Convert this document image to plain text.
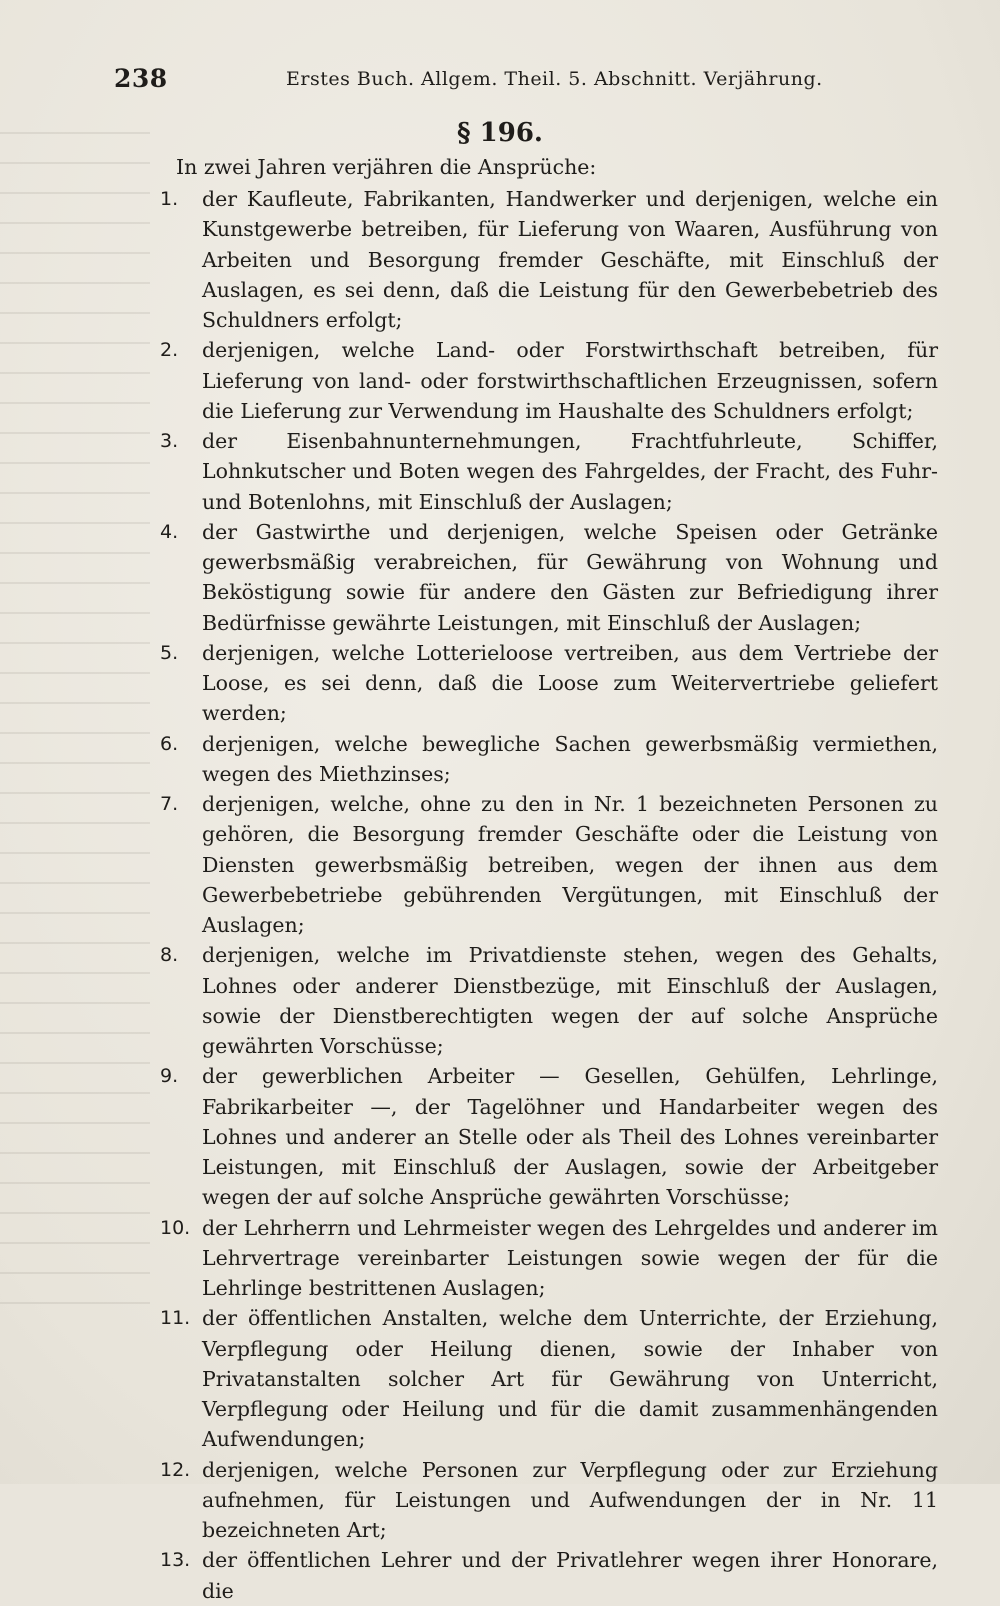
238	Erstes Buch. Allgem. Theil. 5. Abschnitt. Verjährung.
§ 196.
In zwei Jahren verjähren die Ansprüche:
1.	der Kaufleute, Fabrikanten, Handwerker und derjenigen, welche ein Kunstgewerbe betreiben, für Lieferung von Waaren, Ausführung von Arbeiten und Besorgung fremder Geschäfte, mit Einschluß der Auslagen, es sei denn, daß die Leistung für den Gewerbebetrieb des Schuldners erfolgt;
2.	derjenigen, welche Land- oder Forstwirthschaft betreiben, für Lieferung von land- oder forstwirthschaftlichen Erzeugnissen, sofern die Lieferung zur Verwendung im Haushalte des Schuldners erfolgt;
3.	der Eisenbahnunternehmungen, Frachtfuhrleute, Schiffer, Lohnkutscher und Boten wegen des Fahrgeldes, der Fracht, des Fuhr- und Botenlohns, mit Einschluß der Auslagen;
4.	der Gastwirthe und derjenigen, welche Speisen oder Getränke gewerbsmäßig verabreichen, für Gewährung von Wohnung und Beköstigung sowie für andere den Gästen zur Befriedigung ihrer Bedürfnisse gewährte Leistungen, mit Einschluß der Auslagen;
5.	derjenigen, welche Lotterieloose vertreiben, aus dem Vertriebe der Loose, es sei denn, daß die Loose zum Weitervertriebe geliefert werden;
6.	derjenigen, welche bewegliche Sachen gewerbsmäßig vermiethen, wegen des Miethzinses;
7.	derjenigen, welche, ohne zu den in Nr. 1 bezeichneten Personen zu gehören, die Besorgung fremder Geschäfte oder die Leistung von Diensten gewerbsmäßig betreiben, wegen der ihnen aus dem Gewerbebetriebe gebührenden Vergütungen, mit Einschluß der Auslagen;
8.	derjenigen, welche im Privatdienste stehen, wegen des Gehalts, Lohnes oder anderer Dienstbezüge, mit Einschluß der Auslagen, sowie der Dienstberechtigten wegen der auf solche Ansprüche gewährten Vorschüsse;
9.	der gewerblichen Arbeiter — Gesellen, Gehülfen, Lehrlinge, Fabrikarbeiter —, der Tagelöhner und Handarbeiter wegen des Lohnes und anderer an Stelle oder als Theil des Lohnes vereinbarter Leistungen, mit Einschluß der Auslagen, sowie der Arbeitgeber wegen der auf solche Ansprüche gewährten Vorschüsse;
10. der Lehrherrn und Lehrmeister wegen des Lehrgeldes und anderer im Lehrvertrage vereinbarter Leistungen sowie wegen der für die Lehrlinge bestrittenen Auslagen;
11. der öffentlichen Anstalten, welche dem Unterrichte, der Erziehung, Verpflegung oder Heilung dienen, sowie der Inhaber von Privatanstalten solcher Art für Gewährung von Unterricht, Verpflegung oder Heilung und für die damit zusammenhängenden Aufwendungen;
12. derjenigen, welche Personen zur Verpflegung oder zur Erziehung aufnehmen, für Leistungen und Aufwendungen der in Nr. 11 bezeichneten Art;
13. der öffentlichen Lehrer und der Privatlehrer wegen ihrer Honorare, die
